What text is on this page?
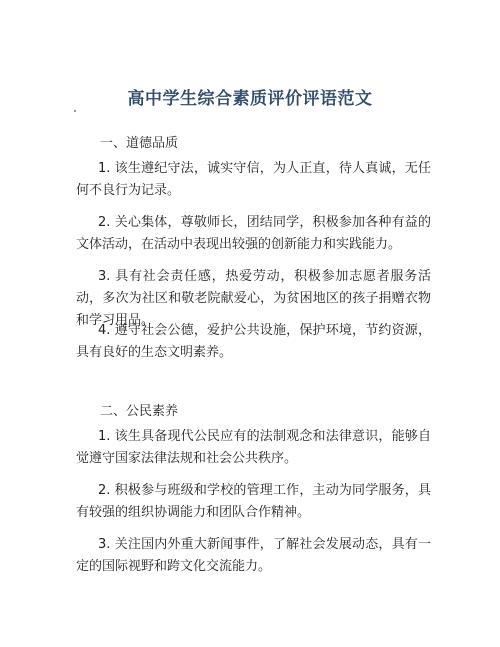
高中学生综合素质评价评语范文
一、道德品质
1. 该生遵纪守法，诚实守信，为人正直，待人真诚，无任何不良行为记录。
2. 关心集体，尊敬师长，团结同学，积极参加各种有益的文体活动，在活动中表现出较强的创新能力和实践能力。
3. 具有社会责任感，热爱劳动，积极参加志愿者服务活动，多次为社区和敬老院献爱心，为贫困地区的孩子捐赠衣物和学习用品。
4. 遵守社会公德，爱护公共设施，保护环境，节约资源，具有良好的生态文明素养。
二、公民素养
1. 该生具备现代公民应有的法制观念和法律意识，能够自觉遵守国家法律法规和社会公共秩序。
2. 积极参与班级和学校的管理工作，主动为同学服务，具有较强的组织协调能力和团队合作精神。
3. 关注国内外重大新闻事件，了解社会发展动态，具有一定的国际视野和跨文化交流能力。
